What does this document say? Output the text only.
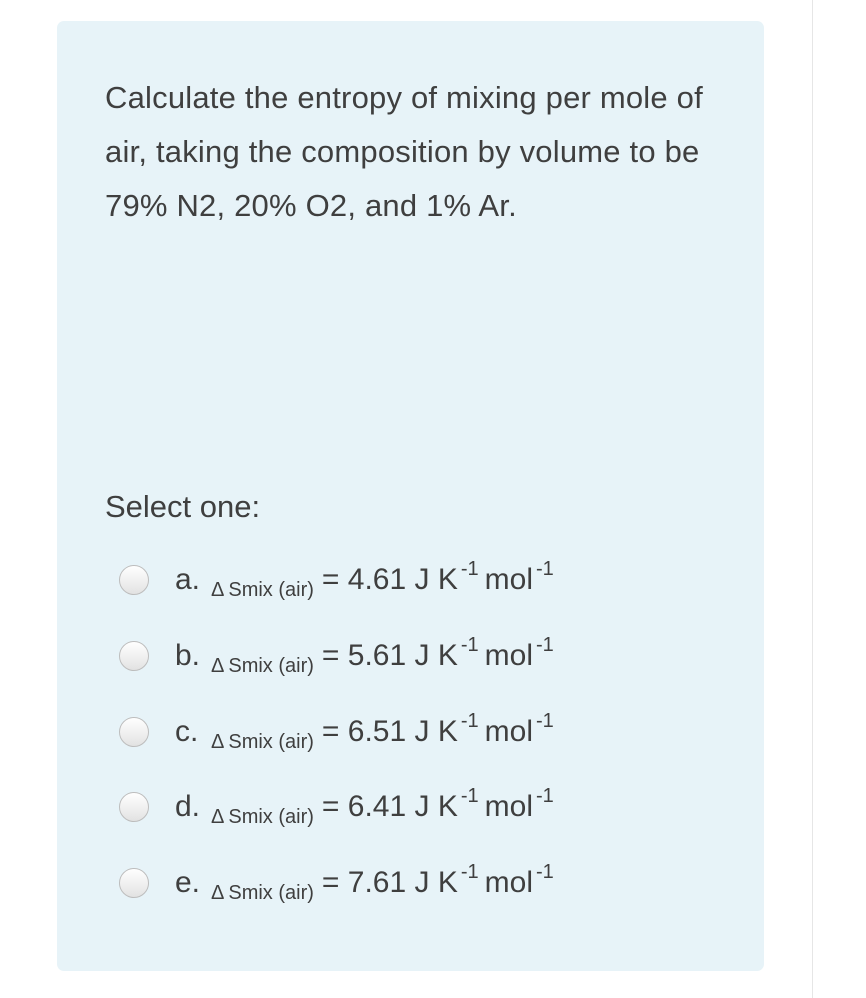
Calculate the entropy of mixing per mole of air, taking the composition by volume to be 79% N2, 20% O2, and 1% Ar.

Select one:

a. Δ Smix (air) = 4.61 J K -1 mol -1
b. Δ Smix (air) = 5.61 J K -1 mol -1
c. Δ Smix (air) = 6.51 J K -1 mol -1
d. Δ Smix (air) = 6.41 J K -1 mol -1
e. Δ Smix (air) = 7.61 J K -1 mol -1
